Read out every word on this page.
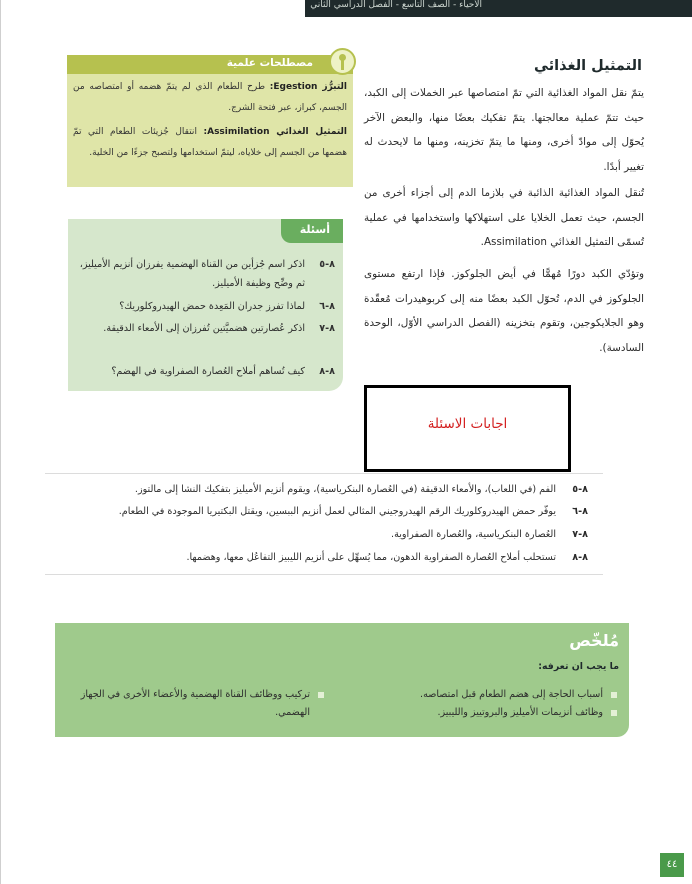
الأحياء - الصف التاسع - الفصل الدراسي الثاني
التمثيل الغذائي

يتمّ نقل المواد الغذائية التي تمّ امتصاصها عبر الخملات إلى الكبد، حيث تتمّ عملية معالجتها. يتمّ تفكيك بعضًا منها، والبعض الآخر يُحوّل إلى موادّ أخرى، ومنها ما يتمّ تخزينه، ومنها ما لايحدث له تغيير أبدًا.

تُنقل المواد الغذائية الذائبة في بلازما الدم إلى أجزاء أخرى من الجسم، حيث تعمل الخلايا على استهلاكها واستخدامها في عملية تُسمّى التمثيل الغذائي Assimilation.

وتؤدّي الكبد دورًا مُهمًّا في أيض الجلوكوز. فإذا ارتفع مستوى الجلوكوز في الدم، تُحوّل الكبد بعضًا منه إلى كربوهيدرات مُعقّدة وهو الجلايكوجين، وتقوم بتخزينه (الفصل الدراسي الأوّل، الوحدة السادسة).

مصطلحات علمية
التبرُّز Egestion: طرح الطعام الذي لم يتمّ هضمه أو امتصاصه من الجسم، كبراز، عبر فتحة الشرج.
التمثيل الغذائي Assimilation: انتقال جُزيئات الطعام التي تمّ هضمها من الجسم إلى خلاياه، ليتمّ استخدامها ولتصبح جزءًا من الخلية.
أسئلة
٨-٥
اذكر اسم جُزأين من القناة الهضمية يفرزان أنزيم الأميليز، ثم وضِّح وظيفة الأميليز.
٨-٦
لماذا تفرز جدران المَعِدة حمض الهيدروكلوريك؟
٨-٧
اذكر عُصارتين هضميَّتين تُفرزان إلى الأمعاء الدقيقة.
٨-٨
كيف تُساهم أملاح العُصارة الصفراوية في الهضم؟
اجابات الاسئلة
٨-٥
الفم (في اللعاب)، والأمعاء الدقيقة (في العُصارة البنكرياسية)، ويقوم أنزيم الأميليز بتفكيك النشا إلى مالتوز.
٨-٦
يوفّر حمض الهيدروكلوريك الرقم الهيدروجيني المثالي لعمل أنزيم الببسين، ويقتل البكتيريا الموجودة في الطعام.
٨-٧
العُصارة البنكرياسية، والعُصارة الصفراوية.
٨-٨
تستحلب أملاح العُصارة الصفراوية الدهون، مما يُسهِّل على أنزيم الليبيز التفاعُل معها، وهضمها.
مُلخّص
ما يجب ان تعرفه:
أسباب الحاجة إلى هضم الطعام قبل امتصاصه.
وظائف أنزيمات الأميليز والبروتييز والليبيز.
تركيب ووظائف القناة الهضمية والأعضاء الأخرى في الجهاز الهضمي.
٤٤
